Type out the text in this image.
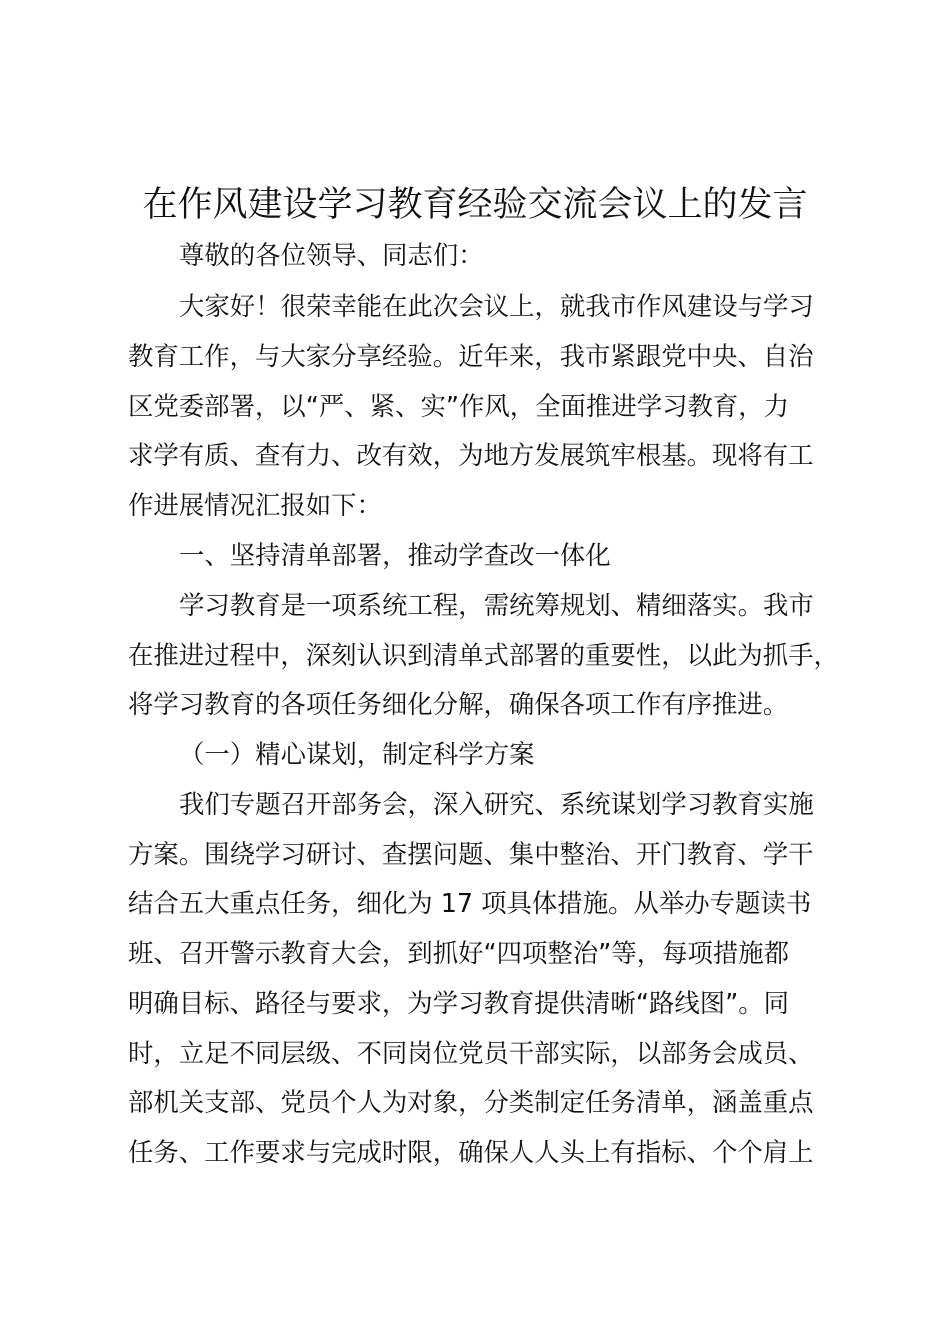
在作风建设学习教育经验交流会议上的发言

尊敬的各位领导、同志们：

大家好！很荣幸能在此次会议上，就我市作风建设与学习

教育工作，与大家分享经验。近年来，我市紧跟党中央、自治

区党委部署，以“严、紧、实”作风，全面推进学习教育，力

求学有质、查有力、改有效，为地方发展筑牢根基。现将有工

作进展情况汇报如下：

一、坚持清单部署，推动学查改一体化

学习教育是一项系统工程，需统筹规划、精细落实。我市

在推进过程中，深刻认识到清单式部署的重要性，以此为抓手，

将学习教育的各项任务细化分解，确保各项工作有序推进。

（一）精心谋划，制定科学方案

我们专题召开部务会，深入研究、系统谋划学习教育实施

方案。围绕学习研讨、查摆问题、集中整治、开门教育、学干

结合五大重点任务，细化为 17 项具体措施。从举办专题读书

班、召开警示教育大会，到抓好“四项整治”等，每项措施都

明确目标、路径与要求，为学习教育提供清晰“路线图”。同

时，立足不同层级、不同岗位党员干部实际，以部务会成员、

部机关支部、党员个人为对象，分类制定任务清单，涵盖重点

任务、工作要求与完成时限，确保人人头上有指标、个个肩上
